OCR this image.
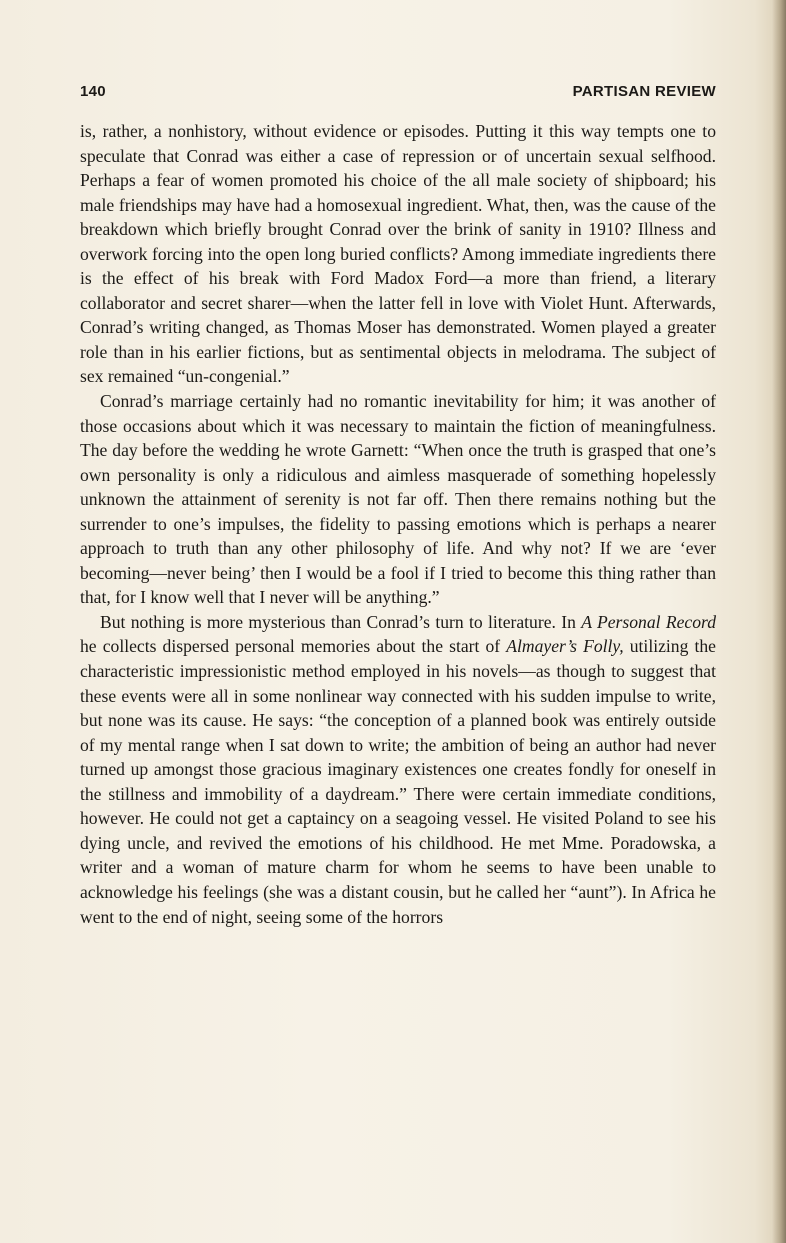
140	PARTISAN REVIEW

is, rather, a nonhistory, without evidence or episodes. Putting it this way tempts one to speculate that Conrad was either a case of repression or of uncertain sexual selfhood. Perhaps a fear of women promoted his choice of the all male society of shipboard; his male friendships may have had a homosexual ingredient. What, then, was the cause of the breakdown which briefly brought Conrad over the brink of sanity in 1910? Illness and overwork forcing into the open long buried conflicts? Among immediate ingredients there is the effect of his break with Ford Madox Ford—a more than friend, a literary collaborator and secret sharer—when the latter fell in love with Violet Hunt. Afterwards, Conrad’s writing changed, as Thomas Moser has demonstrated. Women played a greater role than in his earlier fictions, but as sentimental objects in melodrama. The subject of sex remained “un-congenial.”

Conrad’s marriage certainly had no romantic inevitability for him; it was another of those occasions about which it was necessary to maintain the fiction of meaningfulness. The day before the wedding he wrote Garnett: “When once the truth is grasped that one’s own personality is only a ridiculous and aimless masquerade of something hopelessly unknown the attainment of serenity is not far off. Then there remains nothing but the surrender to one’s impulses, the fidelity to passing emotions which is perhaps a nearer approach to truth than any other philosophy of life. And why not? If we are ‘ever becoming—never being’ then I would be a fool if I tried to become this thing rather than that, for I know well that I never will be anything.”

But nothing is more mysterious than Conrad’s turn to literature. In A Personal Record he collects dispersed personal memories about the start of Almayer’s Folly, utilizing the characteristic impressionistic method employed in his novels—as though to suggest that these events were all in some nonlinear way connected with his sudden impulse to write, but none was its cause. He says: “the conception of a planned book was entirely outside of my mental range when I sat down to write; the ambition of being an author had never turned up amongst those gracious imaginary existences one creates fondly for oneself in the stillness and immobility of a daydream.” There were certain immediate conditions, however. He could not get a captaincy on a seagoing vessel. He visited Poland to see his dying uncle, and revived the emotions of his childhood. He met Mme. Poradowska, a writer and a woman of mature charm for whom he seems to have been unable to acknowledge his feelings (she was a distant cousin, but he called her “aunt”). In Africa he went to the end of night, seeing some of the horrors
